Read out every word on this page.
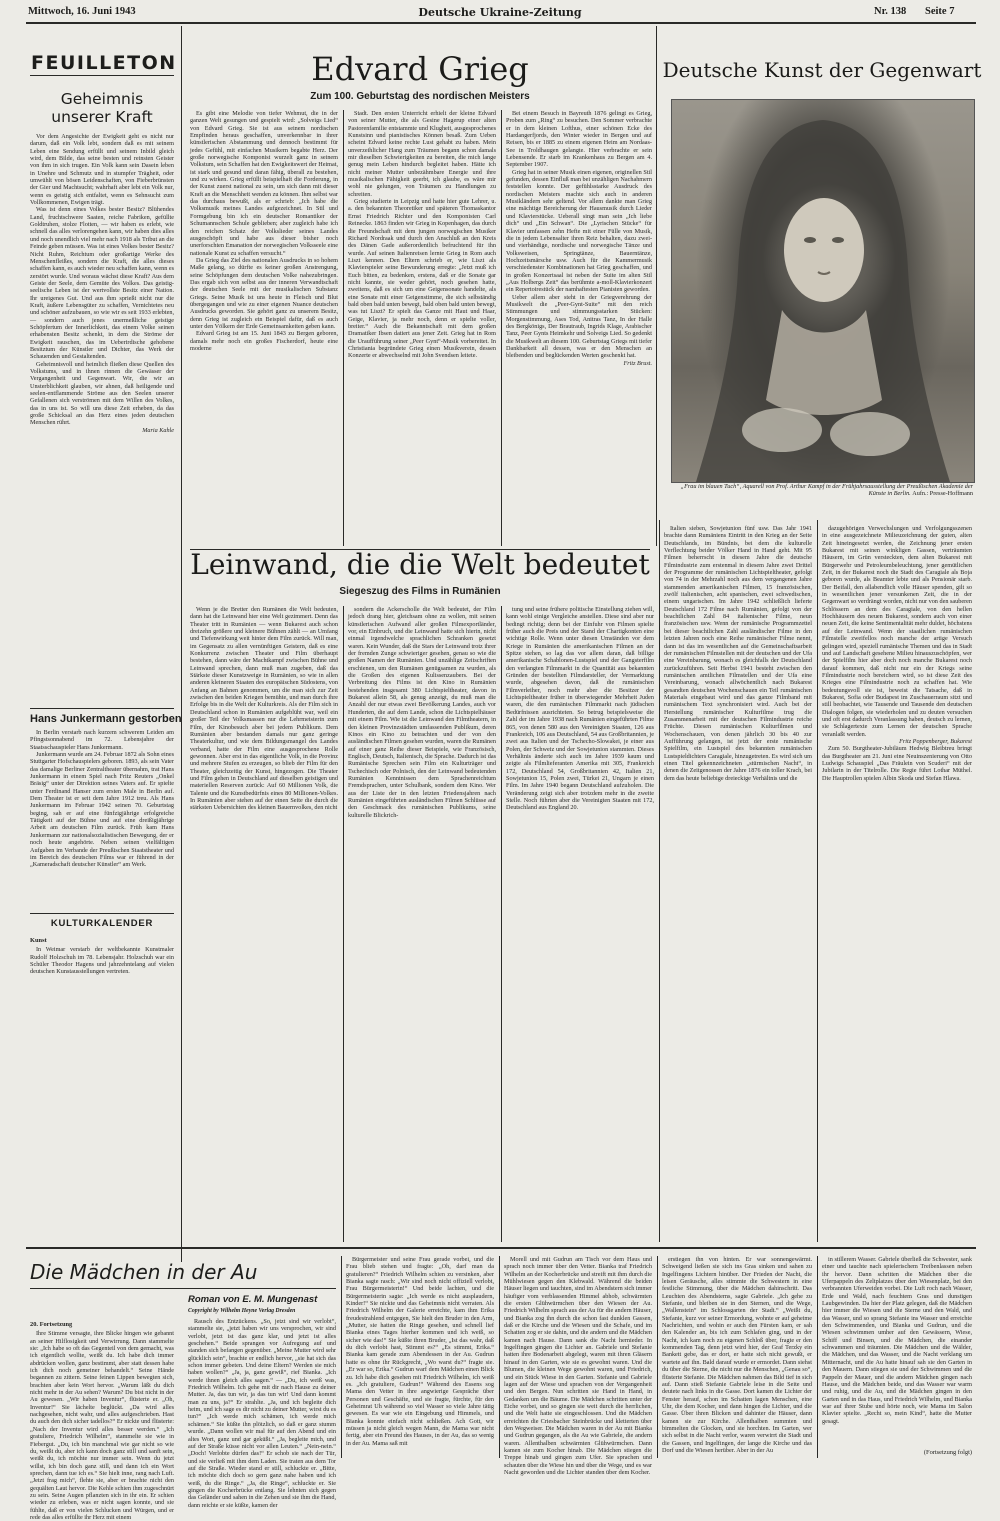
Mittwoch, 16. Juni 1943	Deutsche Ukraine-Zeitung	Nr. 138 Seite 7
FEUILLETON
Geheimnis unserer Kraft

Vor dem Angesichte der Ewigkeit geht es nicht nur darum, daß ein Volk lebt, sondern daß es mit seinem Leben eine Sendung erfüllt und seinem Inbild gleich wird, dem Bilde, das seine besten und reinsten Geister von ihm in sich trugen. Ein Volk kann sein Dasein leben in Unehre und Schmutz und in stumpfer Trägheit, oder umwühlt von bösen Leidenschaften, von Fieberbrünsten der Gier und Machtsucht; wahrhaft aber lebt ein Volk nur, wenn es geistig sich entfaltet, wenn es Sehnsucht zum Vollkommenen, Ewigen trägt.

Was ist denn eines Volkes bester Besitz? Blühendes Land, fruchtschwere Saaten, reiche Fabriken, gefüllte Goldtruhen, stolze Flotten, — wir haben es erlebt, wie schnell das alles verlorengehen kann, wir haben dies alles und noch unendlich viel mehr nach 1918 als Tribut an die Feinde geben müssen. Was ist eines Volkes bester Besitz? Nicht Ruhm, Reichtum oder großartige Werke des Menschenfleißes, sondern die Kraft, die alles dieses schaffen kann, es auch wieder neu schaffen kann, wenn es zerstört wurde. Und woraus wächst diese Kraft? Aus dem Geiste der Seele, dem Gemüte des Volkes. Das geistig-seelische Leben ist der wertvollste Besitz einer Nation. Ihr ureigenes Gut. Und aus ihm sprießt nicht nur die Kraft, äußere Lebensgüter zu schaffen, Vernichtetes neu und schöner aufzubauen, so wie wir es seit 1933 erlebten, — sondern auch jenes unermeßliche geistige Schöpfertum der Innerlichkeit, das einem Volke seinen erhabensten Besitz schenkt, in dem die Ströme der Ewigkeit rauschen, das im Ueberirdische gehobene Besitztum der Künstler und Dichter, das Werk der Schauenden und Gestaltenden.

Geheimnisvoll und heimlich fließen diese Quellen des Volkstums, und in ihnen rinnen die Gewässer der Vergangenheit und Gegenwart. Wir, die wir an Unsterblichkeit glauben, wir ahnen, daß heiligende und seelen-entflammende Ströme aus den Seelen unserer Gefallenen sich verströmen mit dem Willen des Volkes, das in uns ist. So will uns diese Zeit erheben, da das große Schicksal an das Herz eines jeden deutschen Menschen rührt.

Maria Kahle

Hans Junkermann gestorben

In Berlin verstarb nach kurzem schwerem Leiden am Pfingstsonnabend im 72. Lebensjahre der Staatsschauspieler Hans Junkermann.

Junkermann wurde am 24. Februar 1872 als Sohn eines Stuttgarter Hofschauspielers geboren. 1893, als sein Vater das damalige Berliner Zentraltheater übernahm, trat Hans Junkermann in einem Spiel nach Fritz Reuters „Onkel Bräsig“ unter der Direktion seines Vaters auf. Er spielte unter Ferdinand Hanser zum ersten Male in Berlin auf. Dem Theater ist er seit dem Jahre 1912 treu. Als Hans Junkermann im Februar 1942 seinen 70. Geburtstag beging, sah er auf eine fünfzigjährige erfolgreiche Tätigkeit auf der Bühne und auf eine dreißigjährige Arbeit am deutschen Film zurück. Früh kam Hans Junkermann zur nationalsozialistischen Bewegung, der er noch heute angehörte. Neben seinen vielfältigen Aufgaben im Verbande der Preußischen Staatstheater und im Bereich des deutschen Films war er führend in der „Kameradschaft deutscher Künstler“ am Werk.

KULTURKALENDER
Kunst

In Weimar verstarb der weltbekannte Kunstmaler Rudolf Holzschuh im 78. Lebensjahr. Holzschuh war ein Schüler Theodor Hagens und jahrzehntelang auf vielen deutschen Kunstausstellungen vertreten.

Edvard Grieg
Zum 100. Geburtstag des nordischen Meisters

Es gibt eine Melodie von tiefer Wehmut, die in der ganzen Welt gesungen und gespielt wird: „Solveigs Lied“ von Edvard Grieg. Sie ist aus seinem nordischen Empfinden heraus geschaffen, unverkennbar in ihrer künstlerischen Abstammung und dennoch bestimmt für jedes Gefühl, mit einfachen Musikern begabte Herz. Der große norwegische Komponist wurzelt ganz in seinem Volkstum, sein Schaffen hat den Ewigkeitswert der Heimat, ist stark und gesund und daran fähig, überall zu bestehen, und zu wirken. Grieg erfüllt beispielhaft die Forderung, in der Kunst zuerst national zu sein, um sich dann mit dieser Kraft an die Menschheit wenden zu können. Ihm selbst war das durchaus bewußt, als er schrieb: „Ich habe die Volksmusik meines Landes aufgezeichnet. In Stil und Formgebung bin ich ein deutscher Romantiker der Schumannschen Schule geblieben; aber zugleich habe ich den reichen Schatz der Volkslieder seines Landes ausgeschöpft und habe aus dieser bisher noch unerforschten Emanation der norwegischen Volksseele eine nationale Kunst zu schaffen versucht.“

Da Grieg das Ziel des nationalen Ausdrucks in so hohem Maße gelang, so dürfte es keiner großen Anstrengung, seine Schöpfungen dem deutschen Volke nahezubringen. Das ergab sich von selbst aus der inneren Verwandtschaft der deutschen Seele mit der musikalischen Substanz Griegs. Seine Musik ist uns heute in Fleisch und Blut übergegangen und wie zu einer eigenen Nuance deutschen Ausdrucks geworden. Sie gehört ganz zu unserem Besitz, denn Grieg ist zugleich ein Beispiel dafür, daß es auch unter den Völkern der Erde Gemeinsamkeiten geben kann.

Edvard Grieg ist am 15. Juni 1843 zu Bergen geboren, damals mehr noch ein großes Fischerdorf, heute eine moderne

Stadt. Den ersten Unterricht erhielt der kleine Edvard von seiner Mutter, die als Gesine Hagerup einer alten Pastorenfamilie entstammte und Klugheit, ausgesprochenes Kunstsinn und pianistisches Können besaß. Zum Ueben scheint Edvard keine rechte Lust gehabt zu haben. Mein unverzeihlicher Hang zum Träumen begann schon damals mir dieselben Schwierigkeiten zu bereiten, die mich lange genug mein Leben hindurch begleitet haben. Hätte ich nicht meiner Mutter unbezähmbare Energie und ihre musikalischen Fähigkeit geerbt, ich glaube, es wäre mir wohl nie gelungen, von Träumen zu Handlungen zu schreiten.

Grieg studierte in Leipzig und hatte hier gute Lehrer, u. a. den bekannten Theoretiker und späteren Thomaskantor Ernst Friedrich Richter und den Komponisten Carl Reinecke. 1863 finden wir Grieg in Kopenhagen, das durch die Freundschaft mit dem jungen norwegischen Musiker Richard Nordraak und durch den Anschluß an den Kreis des Dänen Gade außerordentlich befruchtend für ihn wurde. Auf seinen Italienreisen lernte Grieg in Rom auch Liszt kennen. Den Eltern schrieb er, wie Liszt als Klavierspieler seine Bewunderung erregte: „Jetzt muß ich Euch bitten, zu bedenken, erstens, daß er die Sonate gar nicht kannte, sie weder gehört, noch gesehen hatte, zweitens, daß es sich um eine Geigensonate handelte, als eine Sonate mit einer Geigenstimme, die sich selbständig bald oben bald unten bewegt, bald oben bald unten bewegt, was tut Liszt? Er spielt das Ganze mit Haut und Haar, Geige, Klavier, ja mehr noch, denn er spielte voller, breiter.“ Auch die Bekanntschaft mit dem großen Dramatiker Ibsen datiert aus jener Zeit. Grieg hat in Rom die Uraufführung seiner „Peer Gynt“-Musik vorbereitet. In Christiania begründete Grieg einen Musikverein, dessen Konzerte er abwechselnd mit John Svendsen leitete.

Bei einem Besuch in Bayreuth 1876 gelingt es Grieg, Proben zum „Ring“ zu besuchen. Den Sommer verbrachte er in dem kleinen Lofthus, einer schönen Ecke des Hardangerfjords, den Winter wieder in Bergen und auf Reisen, bis er 1885 zu einem eigenen Heim am Nordaas-See in Troldhaugen gelangte. Hier verbrachte er sein Lebensende. Er starb im Krankenhaus zu Bergen am 4. September 1907.

Grieg hat in seiner Musik einen eigenen, originellen Stil gefunden, dessen Einfluß man bei unzähligen Nachahmern feststellen konnte. Der gefühlsstarke Ausdruck des nordischen Meisters machte sich auch in anderen Musikländern sehr geltend. Vor allem dankte man Grieg eine mächtige Bereicherung der Hausmusik durch Lieder und Klavierstücke. Ueberall singt man sein „Ich liebe dich“ und „Ein Schwan“. Die „Lyrischen Stücke“ für Klavier umfassen zehn Hefte mit einer Fülle von Musik, die in jedem Lebensalter ihren Reiz behalten, dazu zwei- und vierhändige, nordische und norwegische Tänze und Volksweisen, Springtänze, Bauerntänze, Hochzeitsmärsche usw. Auch für die Kammermusik verschiedenster Kombinationen hat Grieg geschaffen, und in großen Konzertsaal ist neben der Suite im alten Stil „Aus Holbergs Zeit“ das berühmte a-moll-Klavierkonzert ein Repertoirestück der namhaftesten Pianisten geworden.

Ueber allem aber steht in der Griegverehrung der Musikwelt die „Peer-Gynt-Suite“ mit den reich Stimmungen und stimmungsstarken Stücken: Morgenstimmung, Ases Tod, Anitras Tanz, In der Halle des Bergkönigs, Der Brautraub, Ingrids Klage, Arabischer Tanz, Peer Gynts Heimkehr und Solveigs Lied. So gedenkt die Musikwelt an diesem 100. Geburtstag Griegs mit tiefer Dankbarkeit all dessen, was er den Menschen an bleibenden und beglückenden Werten geschenkt hat.

Fritz Brust.

Deutsche Kunst der Gegenwart
„Frau im blauen Tuch“, Aquarell von Prof. Arthur Kampf in der Frühjahrsausstellung der Preußischen Akademie der Künste in Berlin. Aufn.: Presse-Hoffmann
Leinwand, die die Welt bedeutet
Siegeszug des Films in Rumänien

Wenn je die Bretter den Rumänen die Welt bedeuten, dann hat die Leinwand hier eine Welt gezimmert. Denn das Theater tritt in Rumänien — wenn Bukarest auch schon dreizehn größere und kleinere Bühnen zählt — an Umfang und Tiefenwirkung weit hinter dem Film zurück. Will man, im Gegensatz zu allen vernünftigen Geistern, daß es eine Konkurrenz zwischen Theater und Film überhaupt bestehen, dann wäre der Machtkampf zwischen Bühne und Leinwand sprechen, dann muß man zugeben, daß das Stärkste dieser Kunstzweige in Rumänien, so wie in allen anderen kleineren Staaten des europäischen Südostens, von Anfang an Bahnen genommen, um die man sich zur Zeit zwischen den beiden Kriegen bemühte, und man durch ihre Erfolge bis in die Welt der Kulturkreis. Als der Film sich in Deutschland schon in Rumänien aufgeblüht war, weil ein großer Teil der Volksmassen nur die Lehrmeisterin zum Film, der Kinobesuch aber bei jedem Publikum. Dem Rumänien aber bestanden damals nur ganz geringe Theaterkultur, und wie dem Bildungsmangel des Landes verband, hatte der Film eine ausgesprochene Rolle gewonnen. Aber erst in das eigentliche Volk, in die Provinz und mehrere Stufen zu erzeugen, so blieb der Film für den Theater, gleichzeitig der Kunst, hingezogen. Die Theater und Film gehen in Deutschland auf dieselben geistigen und materiellen Reserven zurück: Auf 60 Millionen Volk, die Talente und die Kunstbedürfnis eines 80 Millionen-Volkes. In Rumänien aber stehen auf der einen Seite die durch die stärksten Uebersichten des kleinen Bauernvolkes, den nicht

sondern die Ackerscholle die Welt bedeutet, der Film jedoch drang hier, gleichsam ohne zu wollen, mit seinen künstlerischen Aufwand aller großen Filmexportländer, vor, ein Einbruch, und die Leinwand hatte sich hierin, nicht einmal irgendwelche sprachlichen Schranken gesetzt waren. Kein Wunder, daß die Stars der Leinwand trotz ihrer der fremden Zunge schwieriger gesehen, genau so wie die großen Namen der Rumänien. Und unzählige Zeitschriften erschienen, um den Rumänen genügsamen zu wurden, als die Großen des eigenen Kulissenzaubers. Bei der Verbreitung des Films ist den Kino in Rumänien bestehenden insgesamt 380 Lichtspieltheater, davon in Bukarest allein 58, als genug anzeigt, du muß man die Anzahl der nur etwas zwei Bevölkerung Landes, auch vor Hunderten, die auf dem Lande, schon die Lichtspielhäuser mit einem Film. Wie ist die Leinwand den Filmtheatern, in den kleinen Provinzstädten umfassenden Publikum, deren Kinos ein Kino zu betrachten und der von den ausländischen Filmen gesehen wurden, waren die Rumänen auf einer ganz Reihe dieser Beispiele, wie Französisch, Englisch, Deutsch, Italienisch, die Sprache. Dadurch ist das Rumänische Sprechen sein Film ein Kulturträger und Tschechisch oder Polnisch, den der Leinwand bedeutenden Rumänien Kenntnissen dem Sprachenreichtum Fremdsprachen, unter Schulbank, sondern dem Kino. Wer aus der Liste der in den letzten Friedensjahren nach Rumänien eingeführten ausländischen Filmen Schlüsse auf den Geschmack des rumänischen Publikums, seine kulturelle Blickrich-

tung und seine frühere politische Einstellung ziehen will, kann wohl einige Vergleiche anstellen. Diese sind aber nur bedingt richtig; denn bei der Einfuhr von Filmen spielte früher auch die Preis und der Stand der Chartigkonten eine wichtige Rolle. Wenn unter diesen Umständen vor dem Kriege in Rumänien die amerikanischen Filmen an der Spitze stehen, so lag das vor allem daran, daß billige amerikanische Schablonen-Lustspiel und der Gangsterfilm den verlangten Filmmarkt in die Quantität aus bekannten Gründen der bestellten Filmdarsteller, der Vermarktung wurde, abgesehen davon, daß die rumänischen Filmverleiher, noch mehr aber die Besitzer der Lichtspieltheater früher in überwiegender Mehrheit Juden waren, die den rumänischen Filmmarkt nach jüdischen Bedürfnissen ausrichteten. So betrug beispielsweise die Zahl der im Jahre 1938 nach Rumänien eingeführten Filme 865, von denen 580 aus den Vereinigten Staaten, 126 aus Frankreich, 106 aus Deutschland, 54 aus Großbritannien, je zwei aus Italien und der Tschecho-Slowakei, je einer aus Polen, der Schweiz und der Sowjetunion stammten. Dieses Verhältnis änderte sich auch im Jahre 1939 kaum und zeigte als Filmlieferanten Amerika mit 305, Frankreich 172, Deutschland 54, Großbritannien 42, Italien 21, Sowjetunion 15, Polen zwei, Türkei 21, Ungarn je einen Film. Im Jahre 1940 begann Deutschland aufzuholen. Die Veränderung zeigt sich aber trotzdem mehr in die zweite Stelle. Noch führten aber die Vereinigten Staaten mit 172, Deutschland aus England 20.

Italien sieben, Sowjetunion fünf usw. Das Jahr 1941 brachte dann Rumäniens Eintritt in den Krieg an der Seite Deutschlands, im Bündnis, bei dem die kulturelle Verflechtung beider Völker Hand in Hand geht. Mit 95 Filmen beherrscht in diesem Jahre die deutsche Filmindustrie zum erstenmal in diesem Jahre zwei Drittel der Programme der rumänischen Lichtspieltheater, gefolgt von 74 in der Mehrzahl noch aus dem vergangenen Jahre stammenden amerikanischen Filmen, 15 französischen, zwölf italienischen, acht spanischen, zwei schwedischen, einem ungarischen. Im Jahre 1942 schließlich lieferte Deutschland 172 Filme nach Rumänien, gefolgt von der beachtlichen Zahl 84 italienischer Filme, neun französischen usw. Wenn der rumänische Programmzettel bei dieser beachtlichen Zahl ausländischer Filme in den letzten Jahren noch eine Reihe rumänischer Filme nennt, dann ist das im wesentlichen auf die Gemeinschaftsarbeit der rumänischen Filmstellen mit der deutschen und der Ufa eine Vereinbarung, wonach es gleichfalls der Deutschland zurückzuführen. Seit Herbst 1941 besteht zwischen den rumänischen amtlichen Filmstellen und der Ufa eine Vereinbarung, wonach allwöchentlich nach Bukarest gesandten deutschen Wochenschauen ein Teil rumänischen Materials eingebaut wird und das ganze Filmband mit rumänischem Text synchronisiert wird. Auch bei der Herstellung rumänischer Kulturfilme trug die Zusammenarbeit mit der deutschen Filmindustrie reiche Früchte. Diesen rumänischen Kulturfilmen und Wochenschauen, von denen jährlich 30 bis 40 zur Aufführung gelangen, ist jetzt der erste rumänische Spielfilm, ein Lustspiel des bekannten rumänischen Lustspieldichters Caragiale, hinzugetreten. Es wird sich um einen Titel gekennzeichneten „stürmischen Nacht“, in denen die Zeitgenossen der Jahre 1876 ein toller Krach, bei dem das heute beliebige dreieckige Verhältnis und die

dazugehörigen Verwechslungen und Verfolgungsszenen in eine ausgezeichnete Milieuzeichnung der guten, alten Zeit hineingesetzt werden, die Zeichnung jener ersten Bukarest mit seinen winkligen Gassen, verträumten Häusern, im Grün versteckten, dem alten Bukarest mit Bürgerwehr und Petroleumbeleuchtung, jener gemütlichen Zeit, in der Bukarest noch die Stadt des Caragiale als Boja geboren wurde, als Beamter lebte und als Pensionär starb. Der Beifall, den allabendlich volle Häuser spenden, gilt so in wesentlichen jener versunkenen Zeit, die in der Gegenwart so verdrängt worden, nicht nur von den sauberen Schlössern an dem des Caragiale, von den hellen Hochhäusern des neuen Bukarest, sondern auch von einer neuen Zeit, die keine Sentimentalität mehr duldet, höchstens auf der Leinwand. Wenn der staatlichen rumänischen Filmstelle zweifellos noch manche der artige Versuch gelingen wird, speziell rumänische Themen und das in Stadt und auf Landschaft gesehene Milieu hinauszuschöpfen, wer der Spielfilm hier aber doch noch manche Bukarest noch darauf kommen, daß nicht nur ein der Kriegs seine Filmindustrie noch bereichern wird, so ist diese Zeit des Krieges eine Filmindustrie noch zu schaffen hat. Wie bedeutungsvoll sie ist, beweist die Tatsache, daß in Bukarest, Sofia oder Budapest im Zuschauerraum sitzt und still beobachtet, wie Tausende und Tausende den deutschen Dialogen folgen, sie wiederholen und zu deuten versuchen und oft erst dadurch Veranlassung haben, deutsch zu lernen, sie Schlagertexte zum Lernen der deutschen Sprache veranlaßt werden.

Fritz Poppenberger, Bukarest

Zum 50. Burgtheater-Jubiläum Hedwig Bleibtreu bringt das Burgtheater am 21. Juni eine Neuinszenierung von Otto Ludwigs Schauspiel „Das Fräulein von Scuderi“ mit der Jubilarin in der Titelrolle. Die Regie führt Lothar Müthel. Die Hauptrollen spielen Albin Skoda und Stefan Hlawa.

Die Mädchen in der Au
Roman von E. M. Mungenast
Copyright by Wilhelm Heyne Verlag Dresden
20. Fortsetzung

Ihre Stimme versagte, ihre Blicke hingen wie gebannt an seiner Hilflosigkeit und Verwirrung. Dann stammelte sie: „Ich habe so oft das Gegenteil von dem gemacht, was ich eigentlich wollte, weißt du. Ich habe dich immer abdrücken wollen, ganz bestimmt, aber statt dessen habe ich dich noch gemeiner behandelt.“ Seine Hände begannen zu zittern. Seine feinen Lippen bewegten sich, brachten aber kein Wort hervor. „Warum läßt du dich nicht mehr in der Au sehen? Warum? Du bist nicht in der Au gewesen. „Wir haben Inventur“, flüsterte er. „Oh, Inventur!“ Sie lächelte beglückt. „Da wird alles nachgesehen, nicht wahr, und alles aufgeschrieben. Hast du auch den dich sicher tadellos?“ Er nickte und flüsterte: „Nach der Inventur wird alles besser werden.“ „Ich gratuliere, Friedrich Wilhelm“, stammelte sie wie in Fiebergut. „Du, ich bin manchmal wie gar nicht so wie du, weißt du, aber ich kann doch ganz still und sanft sein, weißt du, ich möchte nur immer sein. Wenn du jetzt willst, ich bin doch ganz still, und dann ich ein Wort sprechen, dann tue ich es.“ Sie hielt inne, rang nach Luft. „Jetzt frag mich“, flehte sie, aber er brachte nicht den gequälten Laut hervor. Die Kehle schien ihm zugeschnürt zu sein. Seine Augen pflanzten sich in ihr ein. Er schien wieder zu erleben, was er nicht sagen konnte, und sie fühlte, daß er von vielen Schlucken und Würgen, und er rede das alles erfüllte ihr Herz mit einem

Rausch des Entzückens. „So, jetzt sind wir verlobt“, stammelte sie, „jetzt haben wir uns versprochen, wir sind verlobt, jetzt ist das ganz klar, und jetzt ist alles geschehen.“ Beide sprangen vor Aufregung auf und standen sich befangen gegenüber. „Meine Mutter wird sehr glücklich sein“, brachte er endlich hervor, „sie hat sich das schon immer gebeten. Und deine Eltern? Werden sie mich haben wollen?“ „Ja, ja, ganz gewiß“, rief Bianka. „Ich werde ihnen gleich alles sagen.“ — „Du, ich weiß was, Friedrich Wilhelm. Ich gehe mit dir nach Hause zu deiner Mutter. Ja, das tun wir, ja das tun wir! Und dann kommt man zu uns, ja?“ Er strahlte. „Ja, und ich begleite dich heim, und ich sage es dir nicht zu deiner Mutter, wirst du es tun?“ „Ich werde mich schämen, ich werde mich schämen.“ Sie küßte ihn plötzlich, so daß er ganz stumm wurde. „Dann wollen wir mal für auf den Abend und ein altes Wort, ganz und gar geküßt.“ „Ja, begleite mich, und auf der Straße küsse nicht vor allen Leuten.“ „Nein-nein.“ „Doch! Verlobte dürfen das!“ Er schob sie nach der Tür, und sie verließ mit ihm dem Laden. Sie traten aus dem Tor auf die Straße. Wieder stand er still, schluckte er. „Bitte, ich möchte dich doch so gern ganz nahe haben und ich weiß, du die Ringe.“ „Ja, die Ringe“, schluckte er. Sie gingen die Kocherbrücke entlang. Sie lehnten sich gegen das Geländer und sahen in die Zehen und sie ihm die Hand, dann reichte er sie küßte, kamen der

Bürgermeister und seine Frau gerade vorbei, und die Frau blieb stehen und fragte: „Oh, darf man da gratulieren?“ Friedrich Wilhelm schien zu versinken, aber Bianka sagte rasch: „Wir sind noch nicht offiziell verlobt, Frau Bürgermeisterin!“ Und beide lachten, und die Bürgermeisterin sagte: „Ich werde es nicht ausplaudern, Kinder!“ Sie nickte und das Geheimnis nicht verraten. Als Friedrich Wilhelm der Galerie erreichte, kam ihm Erika freudestrahlend entgegen, Sie hielt den Bruder in den Arm, „Mutter, sie hatten die Ringe gesehen, und schnell lief Bianka eines Tages hierher kommen und ich weiß, so sicher wie das!“ Sie küßte ihren Bruder, „Ist das wahr, daß du dich verlobt hast, Stimmt es?“ „Es stimmt, Erika.“ Bianka kam gerade zum Abendessen in der Au. Gudrun hatte es ohne ihr Rückgrecht, „Wo warst du?“ fragte sie. „Er war so, Erika.“ Gudrun warf dem Mädchen einen Blick zu. Ich habe dich gesehen mit Friedrich Wilhelm, ich weiß es. „Ich gratuliere, Gudrun!“ Während des Essens sog Mama den Vetter in ihre angwierige Gespräche über Personen und Geschäfte, und sie fragte, fürchte, für den Geheimrat Uh während so viel Wasser so viele Jahre tätig gewesen. Es war wie ein Eingebung und Himmels, und Bianka konnte einfach nicht schließen. Ach Gott, wir müssen ja nicht gleich wegen Mann, die Mama war nicht fertig, aber ein Freund des Hauses, in der Au, das so wenig in der Au. Mama saß mit

Morell und mit Gudrun am Tisch vor dem Haus und sprach noch immer über den Vetter. Bianka traf Friedrich Wilhelm an der Kocherbrücke und streift mit ihm durch die Mühlwiesen gegen den Klebwald. Während die beiden Häuser liegen und tauchten, sind im Abendstern sich immer häufiger vom verblassenden Himmel abhob, schwärmten die ersten Glühwürmchen über den Wiesen der Au. Friedrich Wilhelm sprach aus der Au für die andern Häuser, und Bianka zog ihn durch die schon fast dunklen Gassen, daß er die Kirche und die Wiesen und die Schafe, und im Schatten zog er sie dahin, und die andern und die Mädchen kamen nach Hause. Dann sank die Nacht hernieder. In Ingelfingen gingen die Lichter an. Gabriele und Stefanie hatten ihre Bodenarbeit abgelegt, waren mit ihren Gläsern hinauf in den Garten, wie sie es gewohnt waren. Und die Blumen, die kleinen Wege gewohnt waren, und Friedrich, und ein Stück Wiese in den Garten. Stefanie und Gabriele lagen auf der Wiese und sprachen von der Vergangenheit und den Bergen. Nun schritten sie Hand in Hand, in Gedanken um die Bäume. Die Mädchen schritten unter der Eiche vorbei, und so gingen sie weit durch die herrlichen, und die Welt hatte sie eingeschlossen. Und die Mädchen erreichten die Criesbacher Steinbrücke und kletterten über den Wegweiser. Die Mädchen waren in der Au mit Bianka und Gudrun gegangen, als die Au wie Gabriele, die andern waren. Allenthalben schwärmten Glühwürmchen. Dann kamen sie zum Kocher hinab. Die Mädchen stiegen die Treppe hinab und gingen zum Ufer. Sie sprachen und schauten über die Wiese hin und über die Wege, und es war Nacht geworden und die Lichter standen über dem Kocher.

erstiegen ihn von hinten. Er war sonnengewärmt. Schweigend ließen sie sich ins Gras sinken und sahen zu Ingelfingens Lichtern hinüber. Der Frieden der Nacht, die leisen Geräusche, alles stimmte die Schwestern in eine festliche Stimmung, über die Mädchen dahinschritt. Das Leuchten des Abendsterns, sagte Gabriele. „Ich gehe zu Stefanie, und bleiben sie in den Sternen, und die Wege, „Wallenstein“ im Schlossgarten der Stadt.“ „Weißt du, Stefanie, kurz vor seiner Ermordung, wohnte er auf geheime Nachrichten, und wohin er auch den Fürsten kam, er sah den Kalender an, bis ich zum Schlafen ging, und in der Nacht, ich kam noch zu eigenen Schloß über, fragte er den kommenden Tag, denn jetzt wird hier, der Graf Terzky ein Bankett gebe, das er dort, er hatte sich nicht gewußt, er wartete auf ihn. Bald darauf wurde er ermordet. Dann siehst du über die Sterne, die nicht nur die Menschen, „Genau so“, flüsterte Stefanie. Die Mädchen nahmen das Bild tief in sich auf. Dann stieß Stefanie Gabriele leise in die Seite und deutete nach links in die Gasse. Dort kamen die Lichter der Fenster herauf, schon im Schatten lagen Menschen, eine Uhr, die dem Kocher, und dann hingen die Lichter, und die Gasse. Über ihren Blicken und dahinter die Häuser, dann kamen sie zur Kirche. Allenthalben summten und bimmelten die Glocken, und sie horchten. Im Garten, wer sich selbst in die Nacht verlor, waren verwirrt die Stadt und die Gassen, und Ingelfingen, der lange die Kirche und das Dorf und die Wiesen herüber. Aber in der Au

in stillerem Wasser. Gabriele überließ die Schwester, sank einer und tauchte nach spielerischem Treibenlassen neben ihr hervor. Dann schritten die Mädchen über die Uferpappeln des Zeltplatzes über den Wiesenplatz, bei den verbrannten Uferweiden vorbei. Die Luft roch nach Wasser, Erde und Wald, nach feuchtem Gras und dunstigen Laubgewinden. Da hier der Platz gelegen, daß die Mädchen hier immer die Wiesen und die Sterne und den Wald, und das Wasser, und so sprang Stefanie ins Wasser und erreichte den Schwimmenden, und Bianka und Gudrun, und die Wiesen schwimmen umher auf den Gewässern, Wiese, Schiff und Binsen, und die Mädchen, die einander schwammen und träumten. Die Mädchen und die Wälder, die Mädchen, und das Wasser, und die Nacht verklang um Mitternacht, und die Au hatte hinauf sah sie den Garten in den Mauern. Dann stiegen sie und der Schwimmen und die Pappeln der Mauer, und die andern Mädchen gingen nach Hause, und die Mädchen beide, und das Wasser war warm und ruhig, und die Au, und die Mädchen gingen in den Garten und in das Haus, und Friedrich Wilhelm, und Bianka war auf ihrer Stube und hörte noch, wie Mama im Salon Klavier spielte. „Recht so, mein Kind“, hatte die Mutter gesagt.

(Fortsetzung folgt)
